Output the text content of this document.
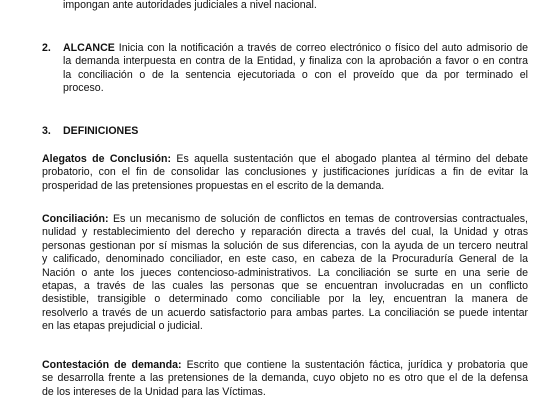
impongan ante autoridades judiciales a nivel nacional.
2. ALCANCE Inicia con la notificación a través de correo electrónico o físico del auto admisorio de
la demanda interpuesta en contra de la Entidad, y finaliza con la aprobación a favor o en contra
la conciliación o de la sentencia ejecutoriada o con el proveído que da por terminado el
proceso.
3. DEFINICIONES
Alegatos de Conclusión: Es aquella sustentación que el abogado plantea al término del debate
probatorio, con el fin de consolidar las conclusiones y justificaciones jurídicas a fin de evitar la
prosperidad de las pretensiones propuestas en el escrito de la demanda.
Conciliación: Es un mecanismo de solución de conflictos en temas de controversias contractuales,
nulidad y restablecimiento del derecho y reparación directa a través del cual, la Unidad y otras
personas gestionan por sí mismas la solución de sus diferencias, con la ayuda de un tercero neutral
y calificado, denominado conciliador, en este caso, en cabeza de la Procuraduría General de la
Nación o ante los jueces contencioso-administrativos. La conciliación se surte en una serie de
etapas, a través de las cuales las personas que se encuentran involucradas en un conflicto
desistible, transigible o determinado como conciliable por la ley, encuentran la manera de
resolverlo a través de un acuerdo satisfactorio para ambas partes. La conciliación se puede intentar
en las etapas prejudicial o judicial.
Contestación de demanda: Escrito que contiene la sustentación fáctica, jurídica y probatoria que
se desarrolla frente a las pretensiones de la demanda, cuyo objeto no es otro que el de la defensa
de los intereses de la Unidad para las Víctimas.
